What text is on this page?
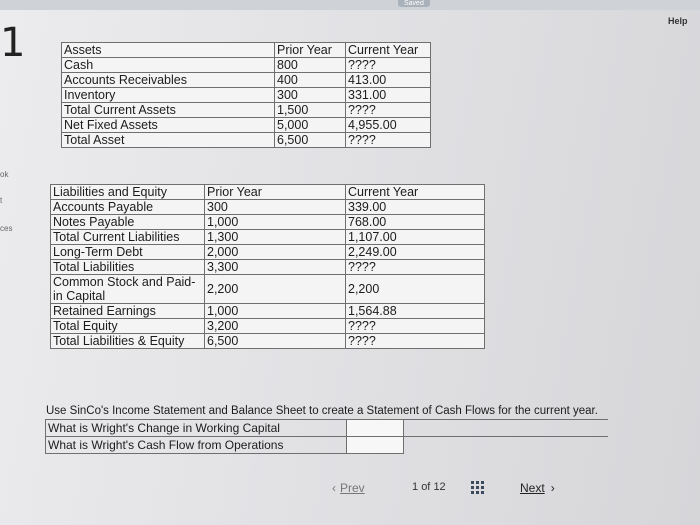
Saved
Help
1
ok
t
ces
Assets	Prior Year	Current Year
Cash	800	????
Accounts Receivables	400	413.00
Inventory	300	331.00
Total Current Assets	1,500	????
Net Fixed Assets	5,000	4,955.00
Total Asset	6,500	????
Liabilities and Equity	Prior Year	Current Year
Accounts Payable	300	339.00
Notes Payable	1,000	768.00
Total Current Liabilities	1,300	1,107.00
Long-Term Debt	2,000	2,249.00
Total Liabilities	3,300	????
Common Stock and Paid-in Capital	2,200	2,200
Retained Earnings	1,000	1,564.88
Total Equity	3,200	????
Total Liabilities & Equity	6,500	????
Use SinCo's Income Statement and Balance Sheet to create a Statement of Cash Flows for the current year.
What is Wright's Change in Working Capital		
What is Wright's Cash Flow from Operations		
‹ Prev	1 of 12	Next ›
